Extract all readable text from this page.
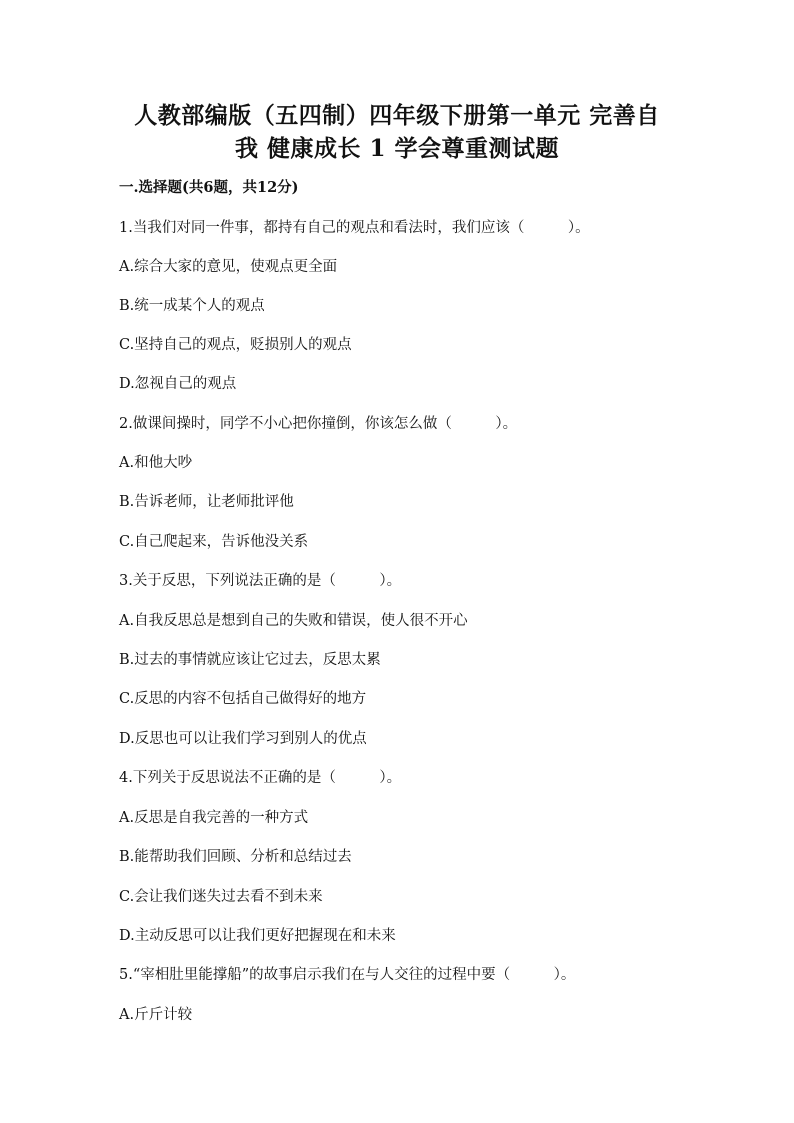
人教部编版（五四制）四年级下册第一单元 完善自
我 健康成长 1 学会尊重测试题
一.选择题(共6题，共12分)
1.当我们对同一件事，都持有自己的观点和看法时，我们应该（　　　）。
A.综合大家的意见，使观点更全面
B.统一成某个人的观点
C.坚持自己的观点，贬损别人的观点
D.忽视自己的观点
2.做课间操时，同学不小心把你撞倒，你该怎么做（　　　）。
A.和他大吵
B.告诉老师，让老师批评他
C.自己爬起来，告诉他没关系
3.关于反思，下列说法正确的是（　　　）。
A.自我反思总是想到自己的失败和错误，使人很不开心
B.过去的事情就应该让它过去，反思太累
C.反思的内容不包括自己做得好的地方
D.反思也可以让我们学习到别人的优点
4.下列关于反思说法不正确的是（　　　）。
A.反思是自我完善的一种方式
B.能帮助我们回顾、分析和总结过去
C.会让我们迷失过去看不到未来
D.主动反思可以让我们更好把握现在和未来
5.“宰相肚里能撑船”的故事启示我们在与人交往的过程中要（　　　）。
A.斤斤计较
